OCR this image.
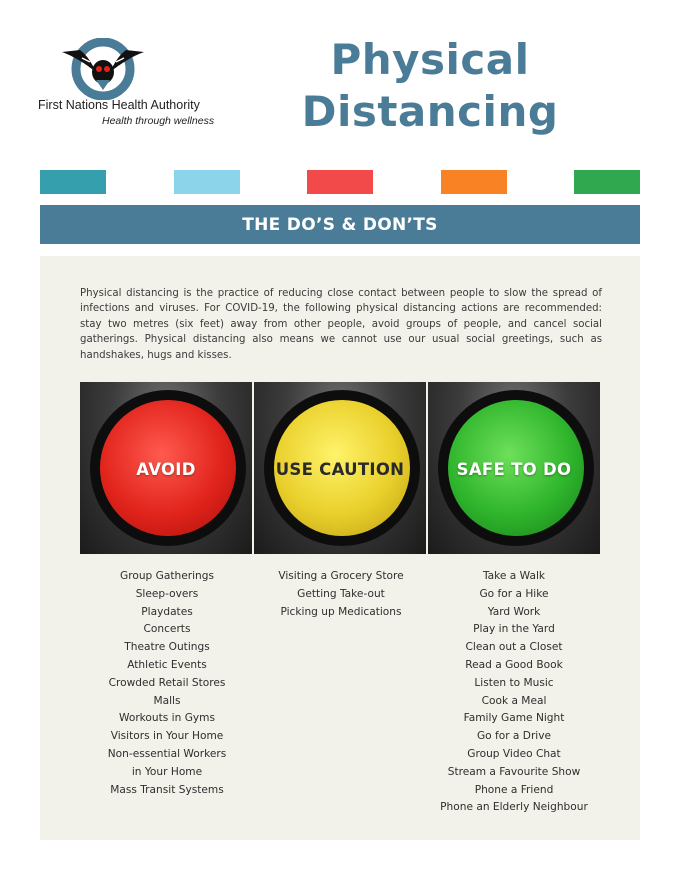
First Nations Health Authority
Health through wellness
Physical
Distancing
THE DO’S & DON’TS

Physical distancing is the practice of reducing close contact between people to slow the spread of infections and viruses. For COVID-19, the following physical distancing actions are recommended: stay two metres (six feet) away from other people, avoid groups of people, and cancel social gatherings. Physical distancing also means we cannot use our usual social greetings, such as handshakes, hugs and kisses.

AVOID	USE CAUTION	SAFE TO DO
Group Gatherings
Sleep-overs
Playdates
Concerts
Theatre Outings
Athletic Events
Crowded Retail Stores
Malls
Workouts in Gyms
Visitors in Your Home
Non-essential Workers
in Your Home
Mass Transit Systems
Visiting a Grocery Store
Getting Take-out
Picking up Medications
Take a Walk
Go for a Hike
Yard Work
Play in the Yard
Clean out a Closet
Read a Good Book
Listen to Music
Cook a Meal
Family Game Night
Go for a Drive
Group Video Chat
Stream a Favourite Show
Phone a Friend
Phone an Elderly Neighbour
